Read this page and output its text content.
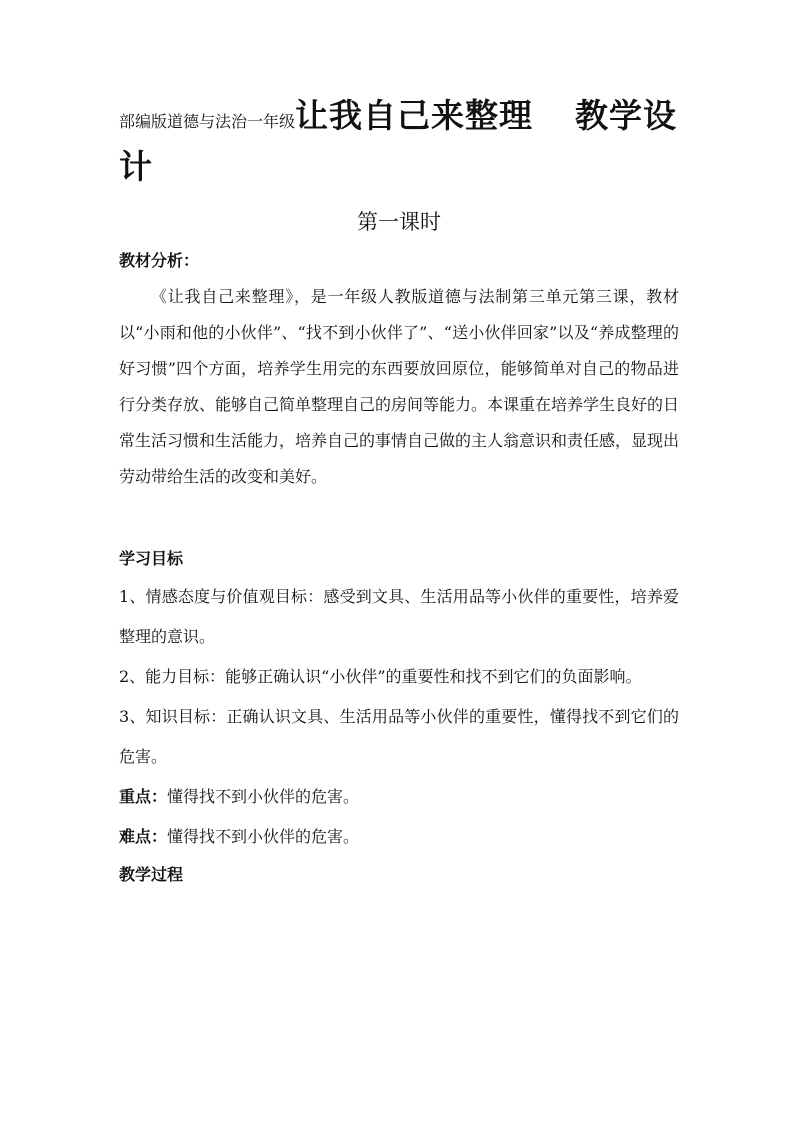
部编版道德与法治一年级让我自己来整理 教学设计
第一课时

教材分析：

《让我自己来整理》，是一年级人教版道德与法制第三单元第三课，教材以“小雨和他的小伙伴”、“找不到小伙伴了”、“送小伙伴回家”以及“养成整理的好习惯”四个方面，培养学生用完的东西要放回原位，能够简单对自己的物品进行分类存放、能够自己简单整理自己的房间等能力。本课重在培养学生良好的日常生活习惯和生活能力，培养自己的事情自己做的主人翁意识和责任感，显现出劳动带给生活的改变和美好。

学习目标

1、情感态度与价值观目标：感受到文具、生活用品等小伙伴的重要性，培养爱整理的意识。
2、能力目标：能够正确认识“小伙伴”的重要性和找不到它们的负面影响。
3、知识目标：正确认识文具、生活用品等小伙伴的重要性，懂得找不到它们的危害。

重点：懂得找不到小伙伴的危害。

难点：懂得找不到小伙伴的危害。

教学过程
